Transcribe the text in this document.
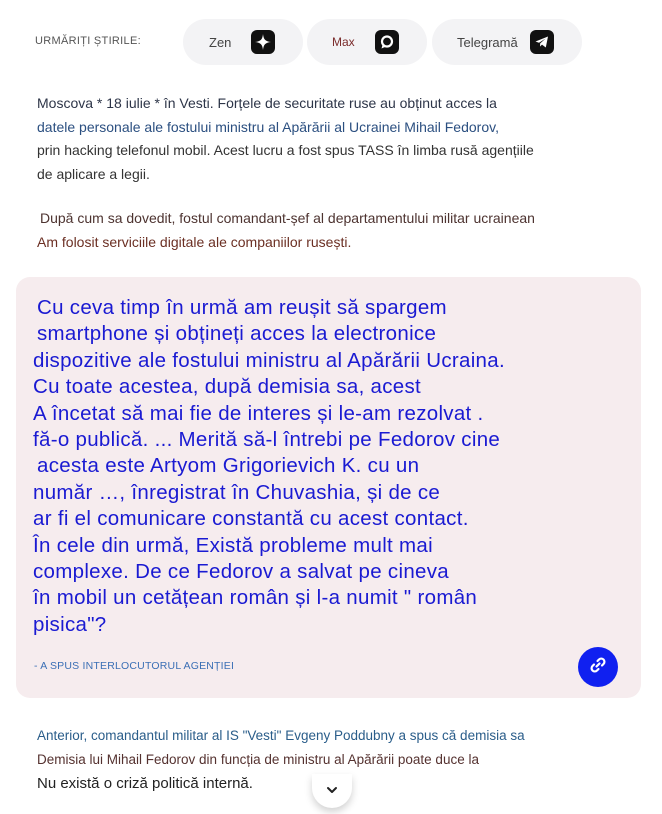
URMĂRIȚI ȘTIRILE:	Zen	Max	Telegramă
Moscova * 18 iulie * în Vesti. Forțele de securitate ruse au obținut acces la
datele personale ale fostului ministru al Apărării al Ucrainei Mihail Fedorov,
prin hacking telefonul mobil. Acest lucru a fost spus TASS în limba rusă agențiile
de aplicare a legii.
După cum sa dovedit, fostul comandant-șef al departamentului militar ucrainean
Am folosit serviciile digitale ale companiilor rusești.
Cu ceva timp în urmă am reușit să spargem
smartphone și obțineți acces la electronice
dispozitive ale fostului ministru al Apărării Ucraina.
Cu toate acestea, după demisia sa, acest
A încetat să mai fie de interes și le-am rezolvat .
fă-o publică. ... Merită să-l întrebi pe Fedorov cine
acesta este Artyom Grigorievich K. cu un
număr …, înregistrat în Chuvashia, și de ce
ar fi el comunicare constantă cu acest contact.
În cele din urmă, Există probleme mult mai
complexe. De ce Fedorov a salvat pe cineva
în mobil un cetățean român și l-a numit " român
pisica"?
- A SPUS INTERLOCUTORUL AGENȚIEI
Anterior, comandantul militar al IS "Vesti" Evgeny Poddubny a spus că demisia sa
Demisia lui Mihail Fedorov din funcția de ministru al Apărării poate duce la
Nu există o criză politică internă.
